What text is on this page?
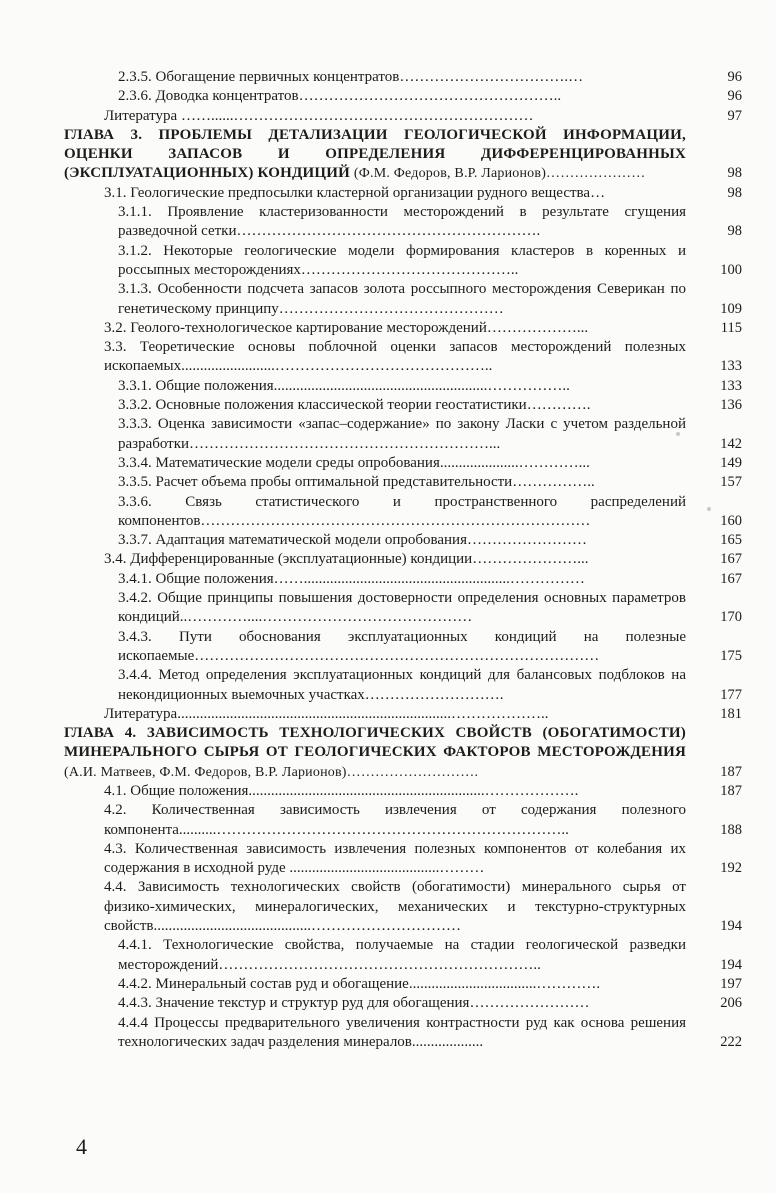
2.3.5. Обогащение первичных концентратов…………………………….…	96
2.3.6. Доводка концентратов……………………………………………..	96
Литература ……......……………………………………………………	97
ГЛАВА 3. ПРОБЛЕМЫ ДЕТАЛИЗАЦИИ ГЕОЛОГИЧЕСКОЙ ИНФОРМАЦИИ, ОЦЕНКИ ЗАПАСОВ И ОПРЕДЕЛЕНИЯ ДИФФЕРЕНЦИРОВАННЫХ (ЭКСПЛУАТАЦИОННЫХ) КОНДИЦИЙ (Ф.М. Федоров, В.Р. Ларионов)…………………	98
3.1. Геологические предпосылки кластерной организации рудного вещества…	98
3.1.1. Проявление кластеризованности месторождений в результате сгущения разведочной сетки…………………………………………………….	98
3.1.2. Некоторые геологические модели формирования кластеров в коренных и россыпных месторождениях……………………………………..	100
3.1.3. Особенности подсчета запасов золота россыпного месторождения Северикан по генетическому принципу………………………………………	109
3.2. Геолого-технологическое картирование месторождений………………...	115
3.3. Теоретические основы поблочной оценки запасов месторождений полезных ископаемых.........................……………………………………..	133
3.3.1. Общие положения.........................................................……………..	133
3.3.2. Основные положения классической теории геостатистики………….	136
3.3.3. Оценка зависимости «запас–содержание» по закону Ласки с учетом раздельной разработки……………………………………………………...	142
3.3.4. Математические модели среды опробования.....................…………...	149
3.3.5. Расчет объема пробы оптимальной представительности……………..	157
3.3.6. Связь статистического и пространственного распределений компонентов……………………………………………………………………	160
3.3.7. Адаптация математической модели опробования……………………	165
3.4. Дифференцированные (эксплуатационные) кондиции…………………...	167
3.4.1. Общие положения…….......................................................……………	167
3.4.2. Общие принципы повышения достоверности определения основных параметров кондиций..…………....……………………………………	170
3.4.3. Пути обоснования эксплуатационных кондиций на полезные ископаемые………………………………………………………………………	175
3.4.4. Метод определения эксплуатационных кондиций для балансовых подблоков на некондиционных выемочных участках……………………….	177
Литература.........................................................................………………..	181
ГЛАВА 4. ЗАВИСИМОСТЬ ТЕХНОЛОГИЧЕСКИХ СВОЙСТВ (ОБОГАТИМОСТИ) МИНЕРАЛЬНОГО СЫРЬЯ ОТ ГЕОЛОГИЧЕСКИХ ФАКТОРОВ МЕСТОРОЖДЕНИЯ (А.И. Матвеев, Ф.М. Федоров, В.Р. Ларионов)……………………….	187
4.1. Общие положения...............................................................……………….	187
4.2. Количественная зависимость извлечения от содержания полезного компонента..........……………………………………………………………..	188
4.3. Количественная зависимость извлечения полезных компонентов от колебания их содержания в исходной руде ........................................………	192
4.4. Зависимость технологических свойств (обогатимости) минерального сырья от физико-химических, минералогических, механических и текстурно-структурных свойств..........................................…………………………	194
4.4.1. Технологические свойства, получаемые на стадии геологической разведки месторождений………………………………………………………..	194
4.4.2. Минеральный состав руд и обогащение..................................………….	197
4.4.3. Значение текстур и структур руд для обогащения……………………	206
4.4.4 Процессы предварительного увеличения контрастности руд как основа решения технологических задач разделения минералов...................	222
4
